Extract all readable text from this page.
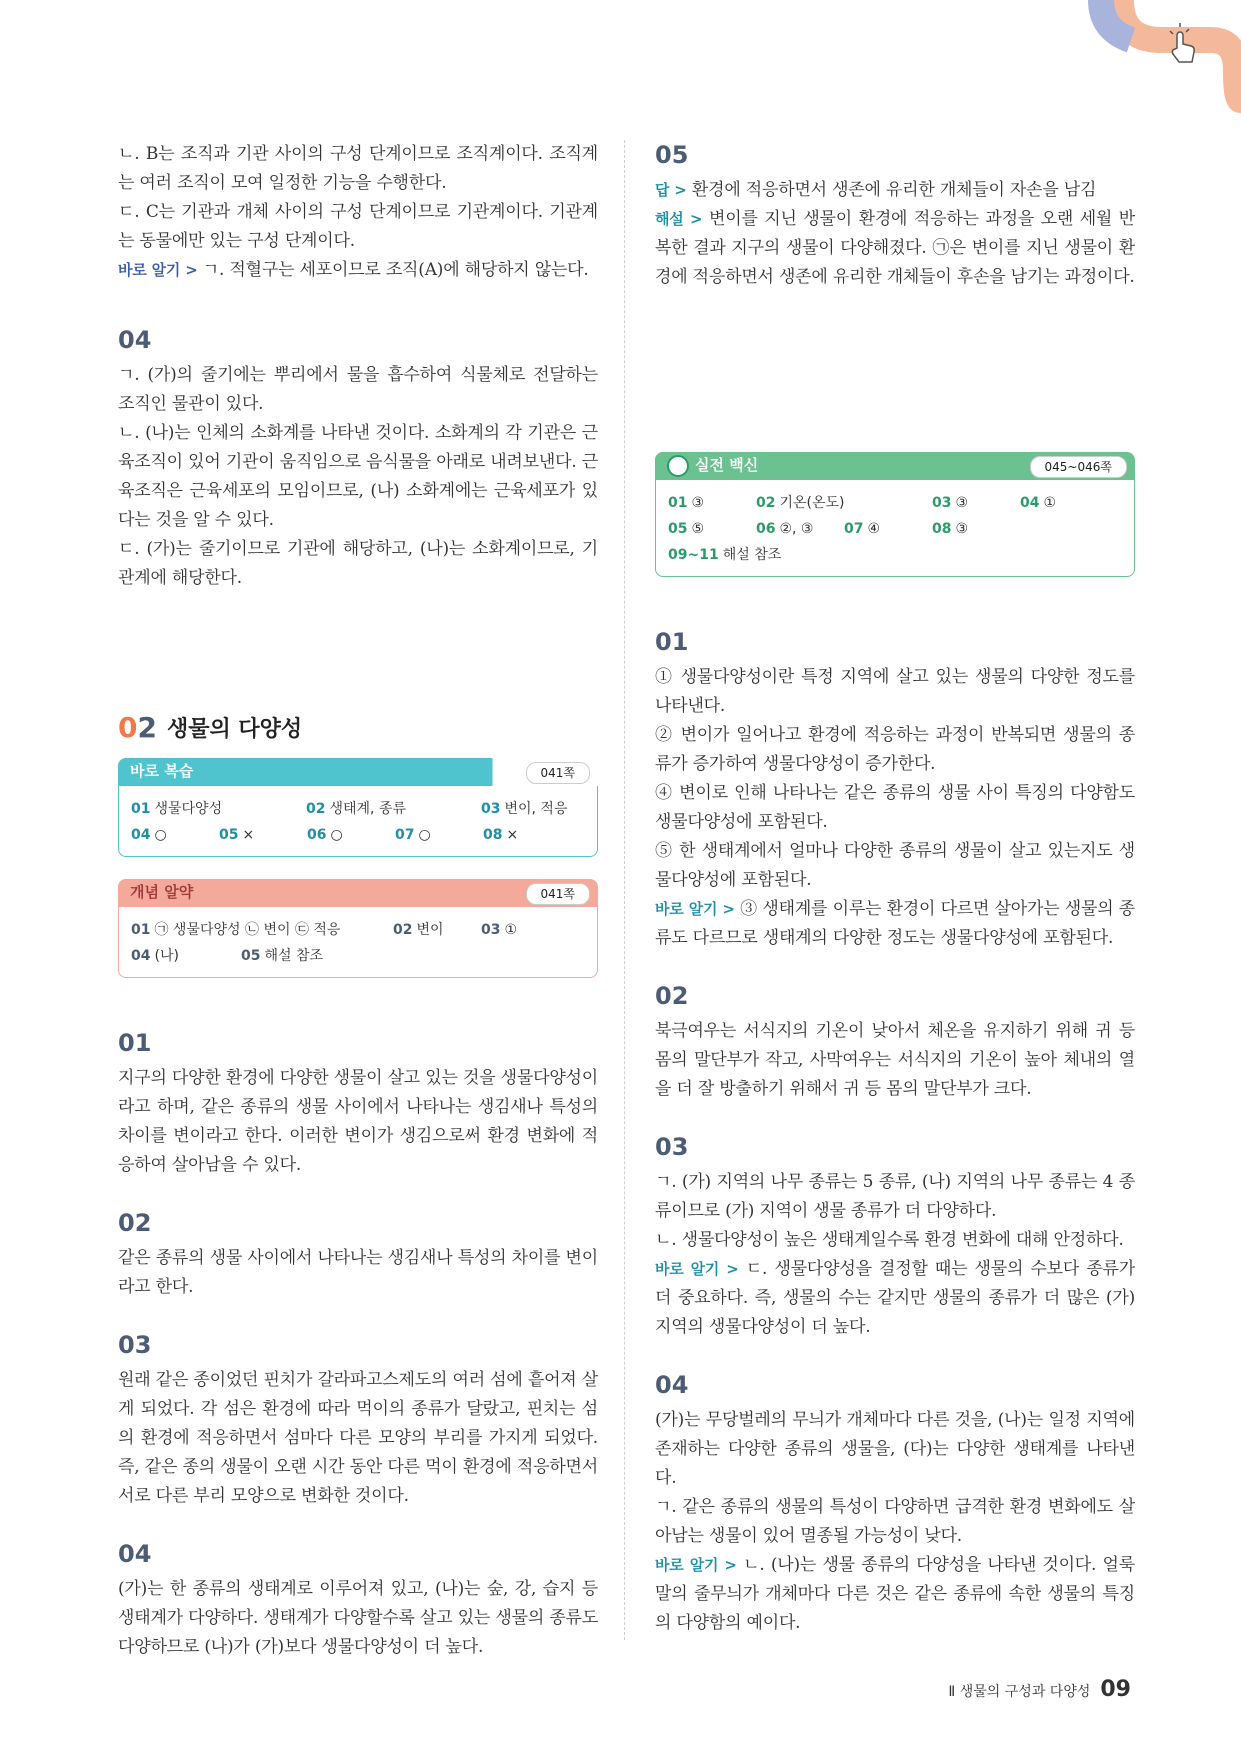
ㄴ. B는 조직과 기관 사이의 구성 단계이므로 조직계이다. 조직계는 여러 조직이 모여 일정한 기능을 수행한다.

ㄷ. C는 기관과 개체 사이의 구성 단계이므로 기관계이다. 기관계는 동물에만 있는 구성 단계이다.

바로 알기 > ㄱ. 적혈구는 세포이므로 조직(A)에 해당하지 않는다.

04

ㄱ. (가)의 줄기에는 뿌리에서 물을 흡수하여 식물체로 전달하는 조직인 물관이 있다.

ㄴ. (나)는 인체의 소화계를 나타낸 것이다. 소화계의 각 기관은 근육조직이 있어 기관이 움직임으로 음식물을 아래로 내려보낸다. 근육조직은 근육세포의 모임이므로, (나) 소화계에는 근육세포가 있다는 것을 알 수 있다.

ㄷ. (가)는 줄기이므로 기관에 해당하고, (나)는 소화계이므로, 기관계에 해당한다.

02 생물의 다양성
바로 복습	041쪽
01 생물다양성	02 생태계, 종류	03 변이, 적응
04 ○	05 ×	06 ○	07 ○	08 ×
개념 알약	041쪽
01 ㉠ 생물다양성 ㉡ 변이 ㉢ 적응	02 변이	03 ①
04 (나)	05 해설 참조
01

지구의 다양한 환경에 다양한 생물이 살고 있는 것을 생물다양성이라고 하며, 같은 종류의 생물 사이에서 나타나는 생김새나 특성의 차이를 변이라고 한다. 이러한 변이가 생김으로써 환경 변화에 적응하여 살아남을 수 있다.

02

같은 종류의 생물 사이에서 나타나는 생김새나 특성의 차이를 변이라고 한다.

03

원래 같은 종이었던 핀치가 갈라파고스제도의 여러 섬에 흩어져 살게 되었다. 각 섬은 환경에 따라 먹이의 종류가 달랐고, 핀치는 섬의 환경에 적응하면서 섬마다 다른 모양의 부리를 가지게 되었다. 즉, 같은 종의 생물이 오랜 시간 동안 다른 먹이 환경에 적응하면서 서로 다른 부리 모양으로 변화한 것이다.

04

(가)는 한 종류의 생태계로 이루어져 있고, (나)는 숲, 강, 습지 등 생태계가 다양하다. 생태계가 다양할수록 살고 있는 생물의 종류도 다양하므로 (나)가 (가)보다 생물다양성이 더 높다.

05

답 > 환경에 적응하면서 생존에 유리한 개체들이 자손을 남김

해설 > 변이를 지닌 생물이 환경에 적응하는 과정을 오랜 세월 반복한 결과 지구의 생물이 다양해졌다. ㉠은 변이를 지닌 생물이 환경에 적응하면서 생존에 유리한 개체들이 후손을 남기는 과정이다.

실전 백신	045~046쪽
01 ③	02 기온(온도)	03 ③	04 ①
05 ⑤	06 ②, ③	07 ④	08 ③
09~11 해설 참조
01

① 생물다양성이란 특정 지역에 살고 있는 생물의 다양한 정도를 나타낸다.

② 변이가 일어나고 환경에 적응하는 과정이 반복되면 생물의 종류가 증가하여 생물다양성이 증가한다.

④ 변이로 인해 나타나는 같은 종류의 생물 사이 특징의 다양함도 생물다양성에 포함된다.

⑤ 한 생태계에서 얼마나 다양한 종류의 생물이 살고 있는지도 생물다양성에 포함된다.

바로 알기 > ③ 생태계를 이루는 환경이 다르면 살아가는 생물의 종류도 다르므로 생태계의 다양한 정도는 생물다양성에 포함된다.

02

북극여우는 서식지의 기온이 낮아서 체온을 유지하기 위해 귀 등 몸의 말단부가 작고, 사막여우는 서식지의 기온이 높아 체내의 열을 더 잘 방출하기 위해서 귀 등 몸의 말단부가 크다.

03

ㄱ. (가) 지역의 나무 종류는 5 종류, (나) 지역의 나무 종류는 4 종류이므로 (가) 지역이 생물 종류가 더 다양하다.

ㄴ. 생물다양성이 높은 생태계일수록 환경 변화에 대해 안정하다.

바로 알기 > ㄷ. 생물다양성을 결정할 때는 생물의 수보다 종류가 더 중요하다. 즉, 생물의 수는 같지만 생물의 종류가 더 많은 (가) 지역의 생물다양성이 더 높다.

04

(가)는 무당벌레의 무늬가 개체마다 다른 것을, (나)는 일정 지역에 존재하는 다양한 종류의 생물을, (다)는 다양한 생태계를 나타낸다.

ㄱ. 같은 종류의 생물의 특성이 다양하면 급격한 환경 변화에도 살아남는 생물이 있어 멸종될 가능성이 낮다.

바로 알기 > ㄴ. (나)는 생물 종류의 다양성을 나타낸 것이다. 얼룩말의 줄무늬가 개체마다 다른 것은 같은 종류에 속한 생물의 특징의 다양함의 예이다.

Ⅱ 생물의 구성과 다양성 09
